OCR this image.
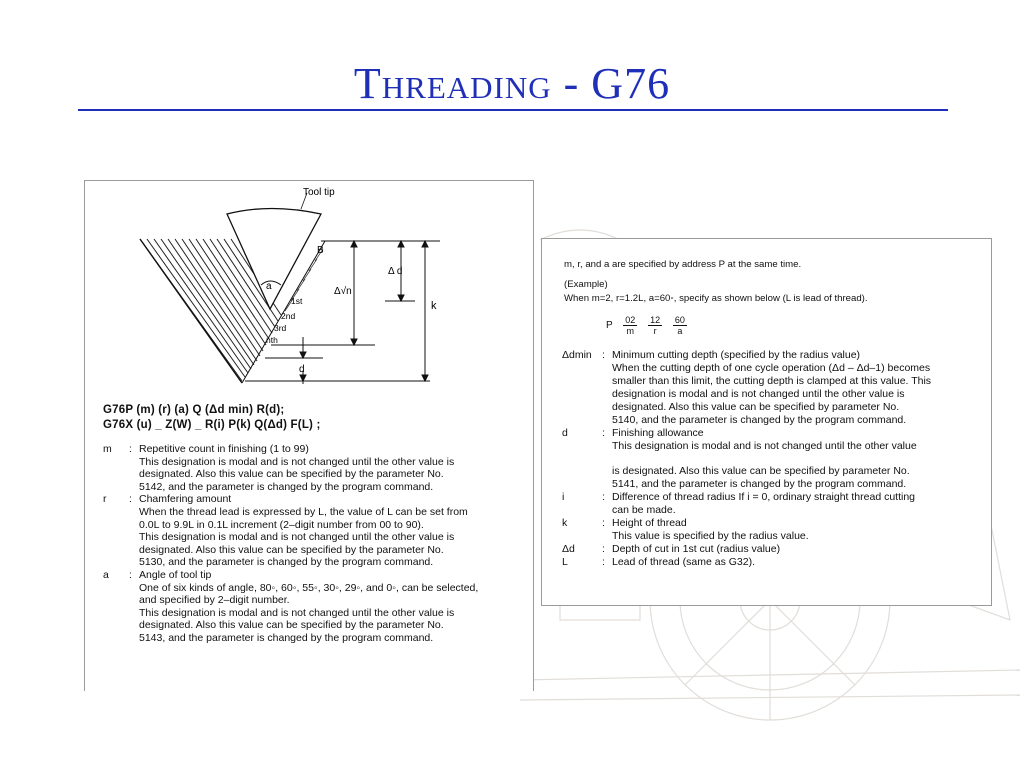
Threading - G76
Tool tip
a
B
1st
2nd
3rd
nth
Δ d
Δ√n
k
d
G76P (m) (r) (a) Q (Δd min) R(d);
G76X (u) _ Z(W) _ R(i) P(k) Q(Δd) F(L) ;
m	: Repetitive count in finishing (1 to 99)
This designation is modal and is not changed until the other value is
designated. Also this value can be specified by the parameter No.
5142, and the parameter is changed by the program command.
r	: Chamfering amount
When the thread lead is expressed by L, the value of L can be set from
0.0L to 9.9L in 0.1L increment (2–digit number from 00 to 90).
This designation is modal and is not changed until the other value is
designated. Also this value can be specified by the parameter No.
5130, and the parameter is changed by the program command.
a	: Angle of tool tip
One of six kinds of angle, 80◦, 60◦, 55◦, 30◦, 29◦, and 0◦, can be selected,
and specified by 2–digit number.
This designation is modal and is not changed until the other value is
designated. Also this value can be specified by the parameter No.
5143, and the parameter is changed by the program command.
m, r, and a are specified by address P at the same time.
(Example)
When m=2, r=1.2L, a=60◦, specify as shown below (L is lead of thread).
P $\frac{02}{m}$
$\frac{12}{r}$
$\frac{60}{a}$
Δdmin : Minimum cutting depth (specified by the radius value)
When the cutting depth of one cycle operation (Δd – Δd–1) becomes
smaller than this limit, the cutting depth is clamped at this value. This
designation is modal and is not changed until the other value is
designated. Also this value can be specified by parameter No.
5140, and the parameter is changed by the program command.
d	: Finishing allowance
This designation is modal and is not changed until the other value
is designated. Also this value can be specified by parameter No.
5141, and the parameter is changed by the program command.
i	: Difference of thread radius If i = 0, ordinary straight thread cutting
can be made.
k	: Height of thread
This value is specified by the radius value.
Δd	: Depth of cut in 1st cut (radius value)
L	: Lead of thread (same as G32).
